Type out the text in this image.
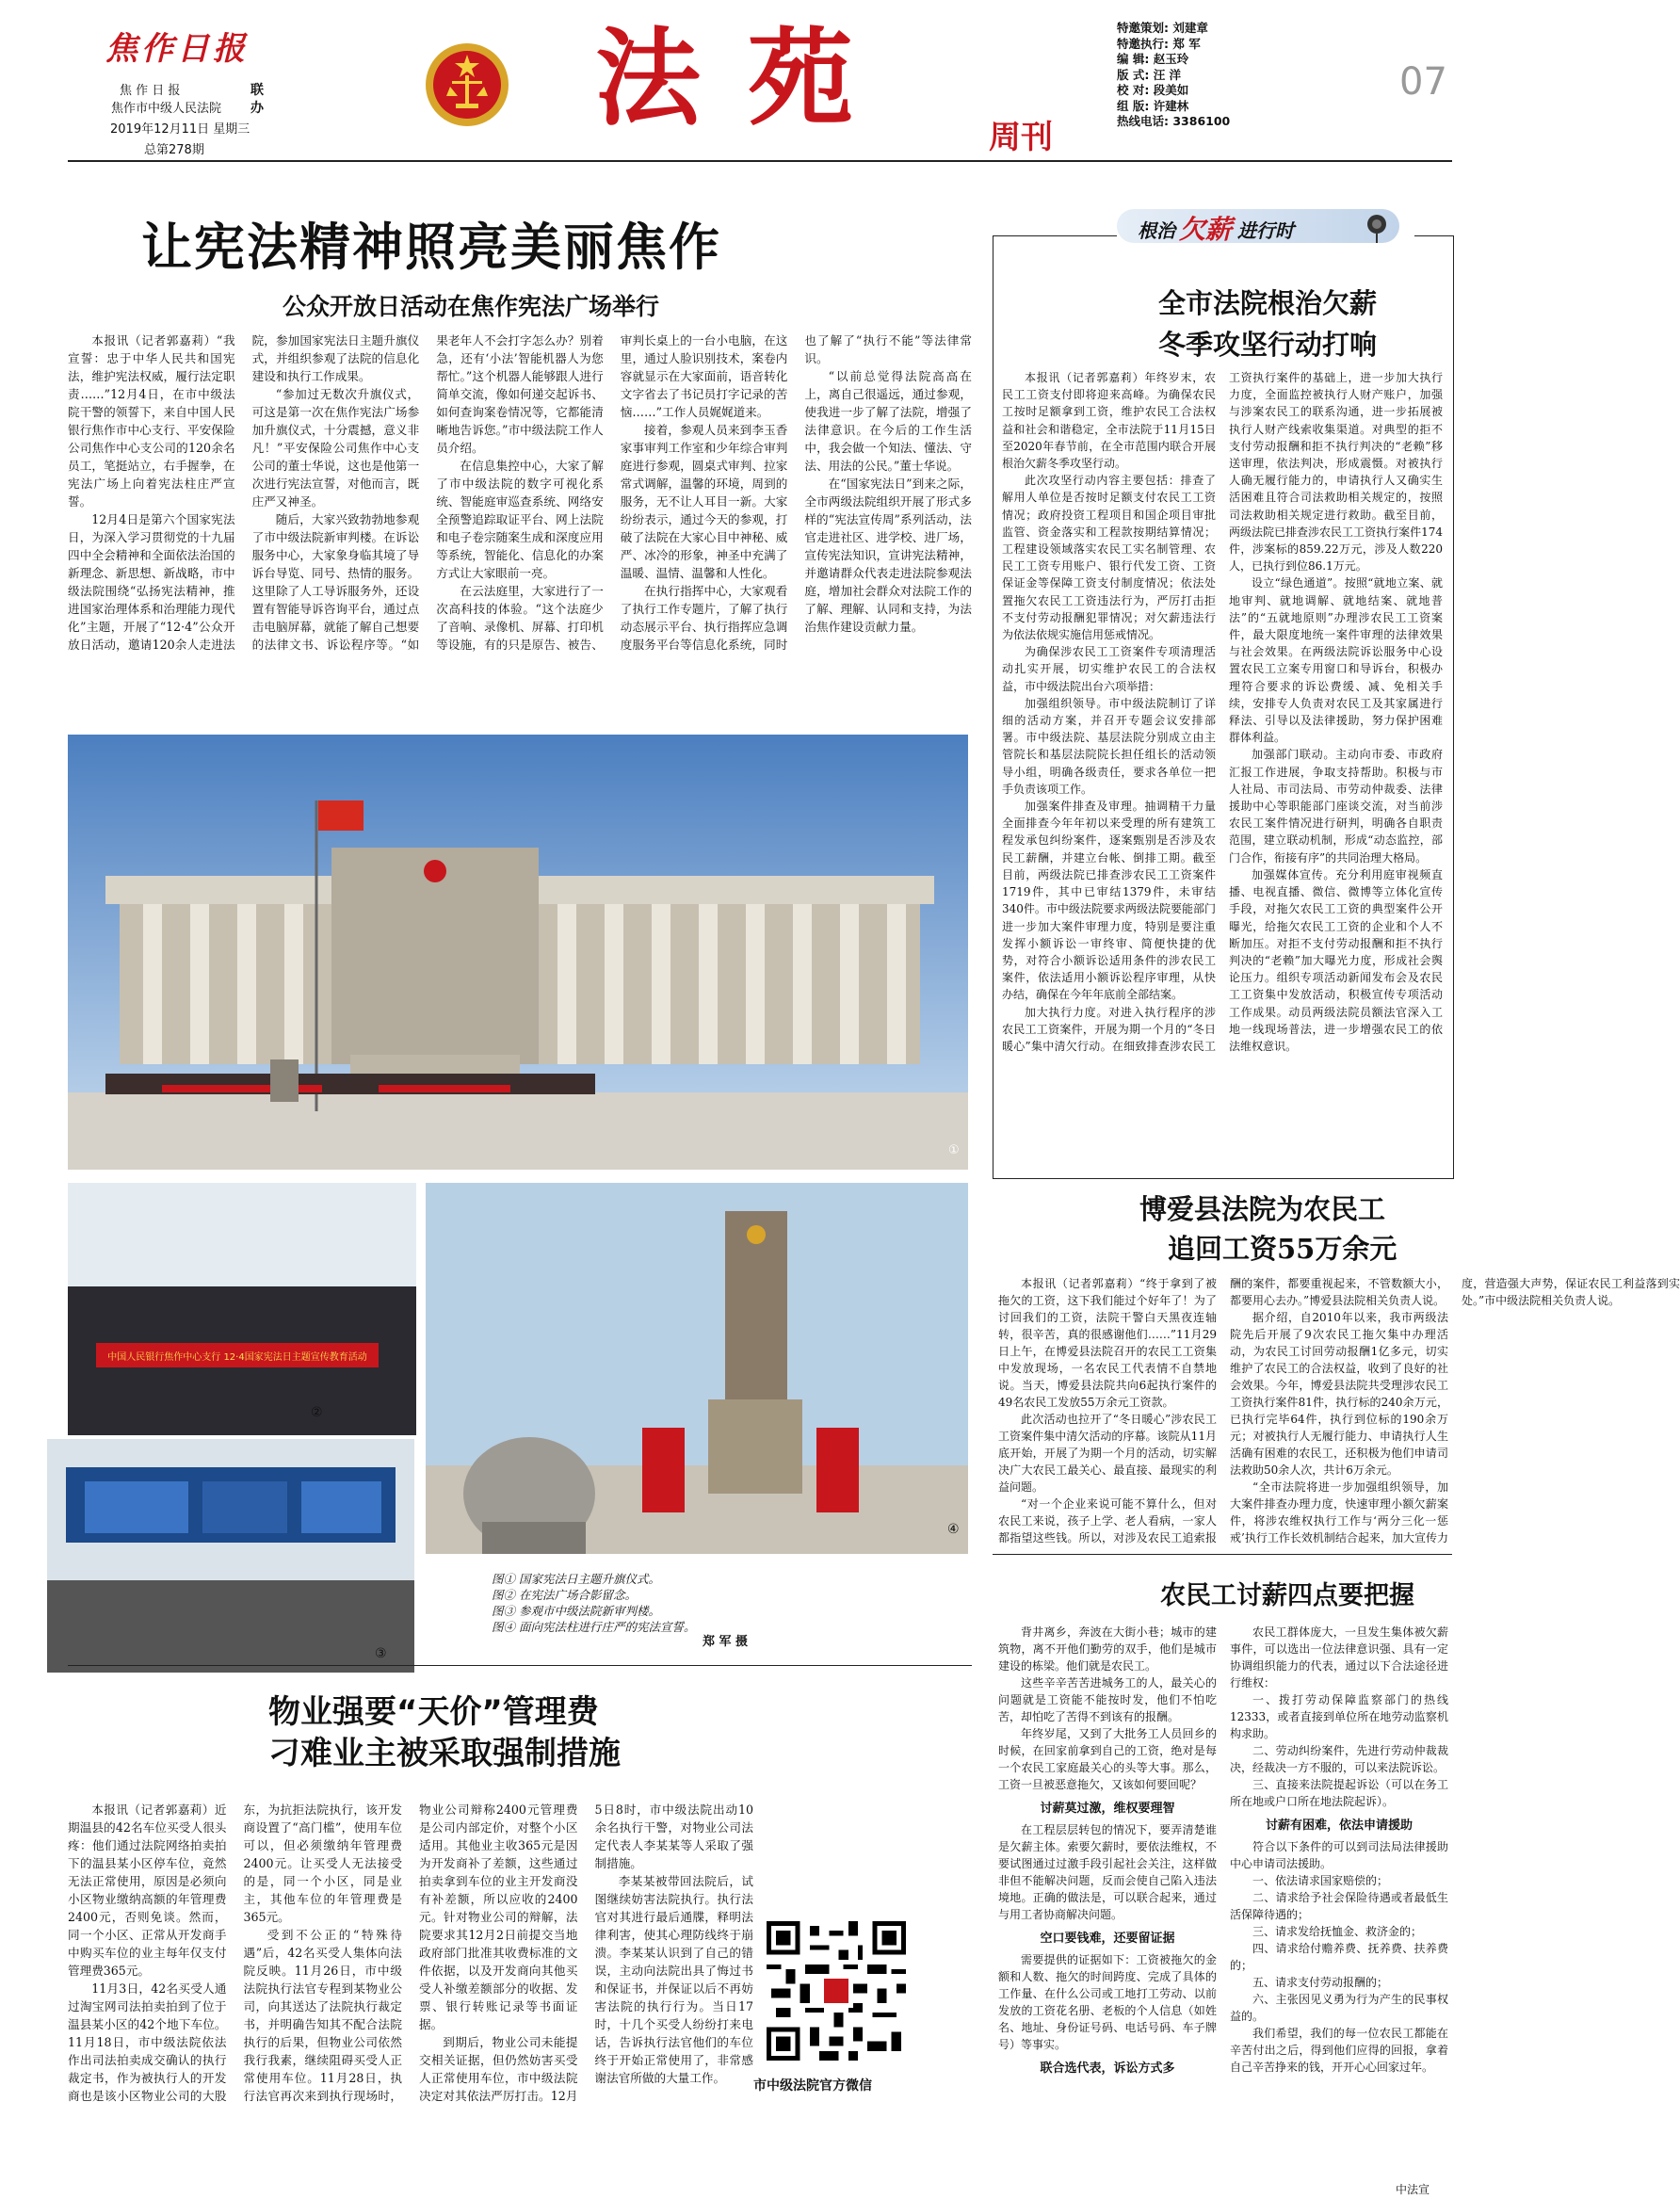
焦作日报
焦 作 日 报
焦作市中级人民法院
联
办
2019年12月11日 星期三
总第278期
法苑	周刊
特邀策划: 刘建章
特邀执行: 郑 军
编 辑: 赵玉玲
版 式: 汪 洋
校 对: 段美如
组 版: 许建林
热线电话: 3386100
07
让宪法精神照亮美丽焦作
公众开放日活动在焦作宪法广场举行

本报讯（记者郭嘉莉）“我宣誓：忠于中华人民共和国宪法，维护宪法权威，履行法定职责……”12月4日，在市中级法院干警的领誓下，来自中国人民银行焦作市中心支行、平安保险公司焦作中心支公司的120余名员工，笔挺站立，右手握拳，在宪法广场上向着宪法柱庄严宣誓。

12月4日是第六个国家宪法日，为深入学习贯彻党的十九届四中全会精神和全面依法治国的新理念、新思想、新战略，市中级法院围绕“弘扬宪法精神，推进国家治理体系和治理能力现代化”主题，开展了“12·4”公众开放日活动，邀请120余人走进法院，参加国家宪法日主题升旗仪式，并组织参观了法院的信息化建设和执行工作成果。

“参加过无数次升旗仪式，可这是第一次在焦作宪法广场参加升旗仪式，十分震撼，意义非凡！”平安保险公司焦作中心支公司的董士华说，这也是他第一次进行宪法宣誓，对他而言，既庄严又神圣。

随后，大家兴致勃勃地参观了市中级法院新审判楼。在诉讼服务中心，大家象身临其境了导诉台导览、同号、热情的服务。这里除了人工导诉服务外，还设置有智能导诉咨询平台，通过点击电脑屏幕，就能了解自己想要的法律文书、诉讼程序等。“如果老年人不会打字怎么办？别着急，还有‘小法’智能机器人为您帮忙。”这个机器人能够跟人进行简单交流，像如何递交起诉书、如何查询案卷情况等，它都能清晰地告诉您。”市中级法院工作人员介绍。

在信息集控中心，大家了解了市中级法院的数字可视化系统、智能庭审巡查系统、网络安全预警追踪取证平台、网上法院和电子卷宗随案生成和深度应用等系统，智能化、信息化的办案方式让大家眼前一亮。

在云法庭里，大家进行了一次高科技的体验。“这个法庭少了音响、录像机、屏幕、打印机等设施，有的只是原告、被告、审判长桌上的一台小电脑，在这里，通过人脸识别技术，案卷内容就显示在大家面前，语音转化文字省去了书记员打字记录的苦恼……”工作人员娓娓道来。

接着，参观人员来到李玉香家事审判工作室和少年综合审判庭进行参观，圆桌式审判、拉家常式调解，温馨的环境，周到的服务，无不让人耳目一新。大家纷纷表示，通过今天的参观，打破了法院在大家心目中神秘、威严、冰冷的形象，神圣中充满了温暖、温情、温馨和人性化。

在执行指挥中心，大家观看了执行工作专题片，了解了执行动态展示平台、执行指挥应急调度服务平台等信息化系统，同时也了解了“执行不能”等法律常识。

“以前总觉得法院高高在上，离自己很遥远，通过参观，使我进一步了解了法院，增强了法律意识。在今后的工作生活中，我会做一个知法、懂法、守法、用法的公民。”董士华说。

在“国家宪法日”到来之际，全市两级法院组织开展了形式多样的“宪法宣传周”系列活动，法官走进社区、进学校、进厂场，宣传宪法知识，宣讲宪法精神，并邀请群众代表走进法院参观法庭，增加社会群众对法院工作的了解、理解、认同和支持，为法治焦作建设贡献力量。

①
中国人民银行焦作中心支行 12·4国家宪法日主题宣传教育活动
②
③
④
图① 国家宪法日主题升旗仪式。
图② 在宪法广场合影留念。
图③ 参观市中级法院新审判楼。
图④ 面向宪法柱进行庄严的宪法宣誓。
郑 军 摄
物业强要“天价”管理费
刁难业主被采取强制措施

本报讯（记者郭嘉莉）近期温县的42名车位买受人很头疼：他们通过法院网络拍卖拍下的温县某小区停车位，竟然无法正常使用，原因是必须向小区物业缴纳高额的年管理费2400元，否则免谈。然而，同一个小区、正常从开发商手中购买车位的业主每年仅支付管理费365元。

11月3日，42名买受人通过淘宝网司法拍卖拍到了位于温县某小区的42个地下车位。11月18日，市中级法院依法作出司法拍卖成交确认的执行裁定书，作为被执行人的开发商也是该小区物业公司的大股东，为抗拒法院执行，该开发商设置了“高门槛”，使用车位可以，但必须缴纳年管理费2400元。让买受人无法接受的是，同一个小区，同是业主，其他车位的年管理费是365元。

受到不公正的“特殊待遇”后，42名买受人集体向法院反映。11月26日，市中级法院执行法官专程到某物业公司，向其送达了法院执行裁定书，并明确告知其不配合法院执行的后果，但物业公司依然我行我素，继续阻碍买受人正常使用车位。11月28日，执行法官再次来到执行现场时，物业公司辩称2400元管理费是公司内部定价，对整个小区适用。其他业主收365元是因为开发商补了差额，这些通过拍卖拿到车位的业主开发商没有补差额，所以应收的2400元。针对物业公司的辩解，法院要求其12月2日前提交当地政府部门批准其收费标准的文件依据，以及开发商向其他买受人补缴差额部分的收据、发票、银行转账记录等书面证据。

到期后，物业公司未能提交相关证据，但仍然妨害买受人正常使用车位，市中级法院决定对其依法严厉打击。12月5日8时，市中级法院出动10余名执行干警，对物业公司法定代表人李某某等人采取了强制措施。

李某某被带回法院后，试图继续妨害法院执行。执行法官对其进行最后通牒，释明法律利害，使其心理防线终于崩溃。李某某认识到了自己的错误，主动向法院出具了悔过书和保证书，并保证以后不再妨害法院的执行行为。当日17时，十几个买受人纷纷打来电话，告诉执行法官他们的车位终于开始正常使用了，非常感谢法官所做的大量工作。

市中级法院官方微信
根治 欠薪 进行时
全市法院根治欠薪
冬季攻坚行动打响

本报讯（记者郭嘉莉）年终岁末，农民工工资支付即将迎来高峰。为确保农民工按时足额拿到工资，维护农民工合法权益和社会和谐稳定，全市法院于11月15日至2020年春节前，在全市范围内联合开展根治欠薪冬季攻坚行动。

此次攻坚行动内容主要包括：排查了解用人单位是否按时足额支付农民工工资情况；政府投资工程项目和国企项目审批监管、资金落实和工程款按期结算情况；工程建设领域落实农民工实名制管理、农民工工资专用账户、银行代发工资、工资保证金等保障工资支付制度情况；依法处置拖欠农民工工资违法行为，严厉打击拒不支付劳动报酬犯罪情况；对欠薪违法行为依法依规实施信用惩戒情况。

为确保涉农民工工资案件专项清理活动扎实开展，切实维护农民工的合法权益，市中级法院出台六项举措：

加强组织领导。市中级法院制订了详细的活动方案，并召开专题会议安排部署。市中级法院、基层法院分别成立由主管院长和基层法院院长担任组长的活动领导小组，明确各级责任，要求各单位一把手负责该项工作。

加强案件排查及审理。抽调精干力量全面排查今年年初以来受理的所有建筑工程发承包纠纷案件，逐案甄别是否涉及农民工薪酬，并建立台帐、倒排工期。截至目前，两级法院已排查涉农民工工资案件1719件，其中已审结1379件，未审结340件。市中级法院要求两级法院要能部门进一步加大案件审理力度，特别是要注重发挥小额诉讼一审终审、简便快捷的优势，对符合小额诉讼适用条件的涉农民工案件，依法适用小额诉讼程序审理，从快办结，确保在今年年底前全部结案。

加大执行力度。对进入执行程序的涉农民工工资案件，开展为期一个月的“冬日暖心”集中清欠行动。在细致排查涉农民工工资执行案件的基础上，进一步加大执行力度，全面监控被执行人财产账户，加强与涉案农民工的联系沟通，进一步拓展被执行人财产线索收集渠道。对典型的拒不支付劳动报酬和拒不执行判决的“老赖”移送审理，依法判决，形成震慑。对被执行人确无履行能力的，申请执行人又确实生活困难且符合司法救助相关规定的，按照司法救助相关规定进行救助。截至目前，两级法院已排查涉农民工工资执行案件174件，涉案标的859.22万元，涉及人数220人，已执行到位86.1万元。

设立“绿色通道”。按照“就地立案、就地审判、就地调解、就地结案、就地普法”的“五就地原则”办理涉农民工工资案件，最大限度地统一案件审理的法律效果与社会效果。在两级法院诉讼服务中心设置农民工立案专用窗口和导诉台，积极办理符合要求的诉讼费缓、减、免相关手续，安排专人负责对农民工及其家属进行释法、引导以及法律援助，努力保护困难群体利益。

加强部门联动。主动向市委、市政府汇报工作进展，争取支持帮助。积极与市人社局、市司法局、市劳动仲裁委、法律援助中心等职能部门座谈交流，对当前涉农民工案件情况进行研判，明确各自职责范围，建立联动机制，形成“动态监控，部门合作，衔接有序”的共同治理大格局。

加强媒体宣传。充分利用庭审视频直播、电视直播、微信、微博等立体化宣传手段，对拖欠农民工工资的典型案件公开曝光，给拖欠农民工工资的企业和个人不断加压。对拒不支付劳动报酬和拒不执行判决的“老赖”加大曝光力度，形成社会舆论压力。组织专项活动新闻发布会及农民工工资集中发放活动，积极宣传专项活动工作成果。动员两级法院员额法官深入工地一线现场普法，进一步增强农民工的依法维权意识。

博爱县法院为农民工
追回工资55万余元

本报讯（记者郭嘉莉）“终于拿到了被拖欠的工资，这下我们能过个好年了！为了讨回我们的工资，法院干警白天黑夜连轴转，很辛苦，真的很感谢他们……”11月29日上午，在博爱县法院召开的农民工工资集中发放现场，一名农民工代表情不自禁地说。当天，博爱县法院共向6起执行案件的49名农民工发放55万余元工资款。

此次活动也拉开了“冬日暖心”涉农民工工资案件集中清欠活动的序幕。该院从11月底开始，开展了为期一个月的活动，切实解决广大农民工最关心、最直接、最现实的利益问题。

“对一个企业来说可能不算什么，但对农民工来说，孩子上学、老人看病，一家人都指望这些钱。所以，对涉及农民工追索报酬的案件，都要重视起来，不管数额大小，都要用心去办。”博爱县法院相关负责人说。

据介绍，自2010年以来，我市两级法院先后开展了9次农民工拖欠集中办理活动，为农民工讨回劳动报酬1亿多元，切实维护了农民工的合法权益，收到了良好的社会效果。今年，博爱县法院共受理涉农民工工资执行案件81件，执行标的240余万元，已执行完毕64件，执行到位标的190余万元；对被执行人无履行能力、申请执行人生活确有困难的农民工，还积极为他们申请司法救助50余人次，共计6万余元。

“全市法院将进一步加强组织领导，加大案件排查办理力度，快速审理小额欠薪案件，将涉农维权执行工作与‘两分三化一惩戒’执行工作长效机制结合起来，加大宣传力度，营造强大声势，保证农民工利益落到实处。”市中级法院相关负责人说。

农民工讨薪四点要把握

背井离乡，奔波在大街小巷；城市的建筑物，离不开他们勤劳的双手，他们是城市建设的栋梁。他们就是农民工。

这些辛辛苦苦进城务工的人，最关心的问题就是工资能不能按时发，他们不怕吃苦，却怕吃了苦得不到该有的报酬。

年终岁尾，又到了大批务工人员回乡的时候，在回家前拿到自己的工资，绝对是每一个农民工家庭最关心的头等大事。那么，工资一旦被恶意拖欠，又该如何要回呢？

讨薪莫过激，维权要理智

在工程层层转包的情况下，要弄清楚谁是欠薪主体。索要欠薪时，要依法维权，不要试图通过过激手段引起社会关注，这样做非但不能解决问题，反而会使自己陷入违法境地。正确的做法是，可以联合起来，通过与用工者协商解决问题。

空口要钱难，还要留证据

需要提供的证据如下：工资被拖欠的金额和人数、拖欠的时间跨度、完成了具体的工作量、在什么公司或工地打工劳动、以前发放的工资花名册、老板的个人信息（如姓名、地址、身份证号码、电话号码、车子牌号）等事实。

联合选代表，诉讼方式多

农民工群体庞大，一旦发生集体被欠薪事件，可以选出一位法律意识强、具有一定协调组织能力的代表，通过以下合法途径进行维权：

一、拨打劳动保障监察部门的热线12333，或者直接到单位所在地劳动监察机构求助。

二、劳动纠纷案件，先进行劳动仲裁裁决，经裁决一方不服的，可以来法院诉讼。

三、直接来法院提起诉讼（可以在务工所在地或户口所在地法院起诉）。

讨薪有困难，依法申请援助

符合以下条件的可以到司法局法律援助中心申请司法援助。

一、依法请求国家赔偿的；

二、请求给予社会保险待遇或者最低生活保障待遇的；

三、请求发给抚恤金、救济金的；

四、请求给付赡养费、抚养费、扶养费的；

五、请求支付劳动报酬的；

六、主张因见义勇为行为产生的民事权益的。

我们希望，我们的每一位农民工都能在辛苦付出之后，得到他们应得的回报，拿着自己辛苦挣来的钱，开开心心回家过年。

中法宣
